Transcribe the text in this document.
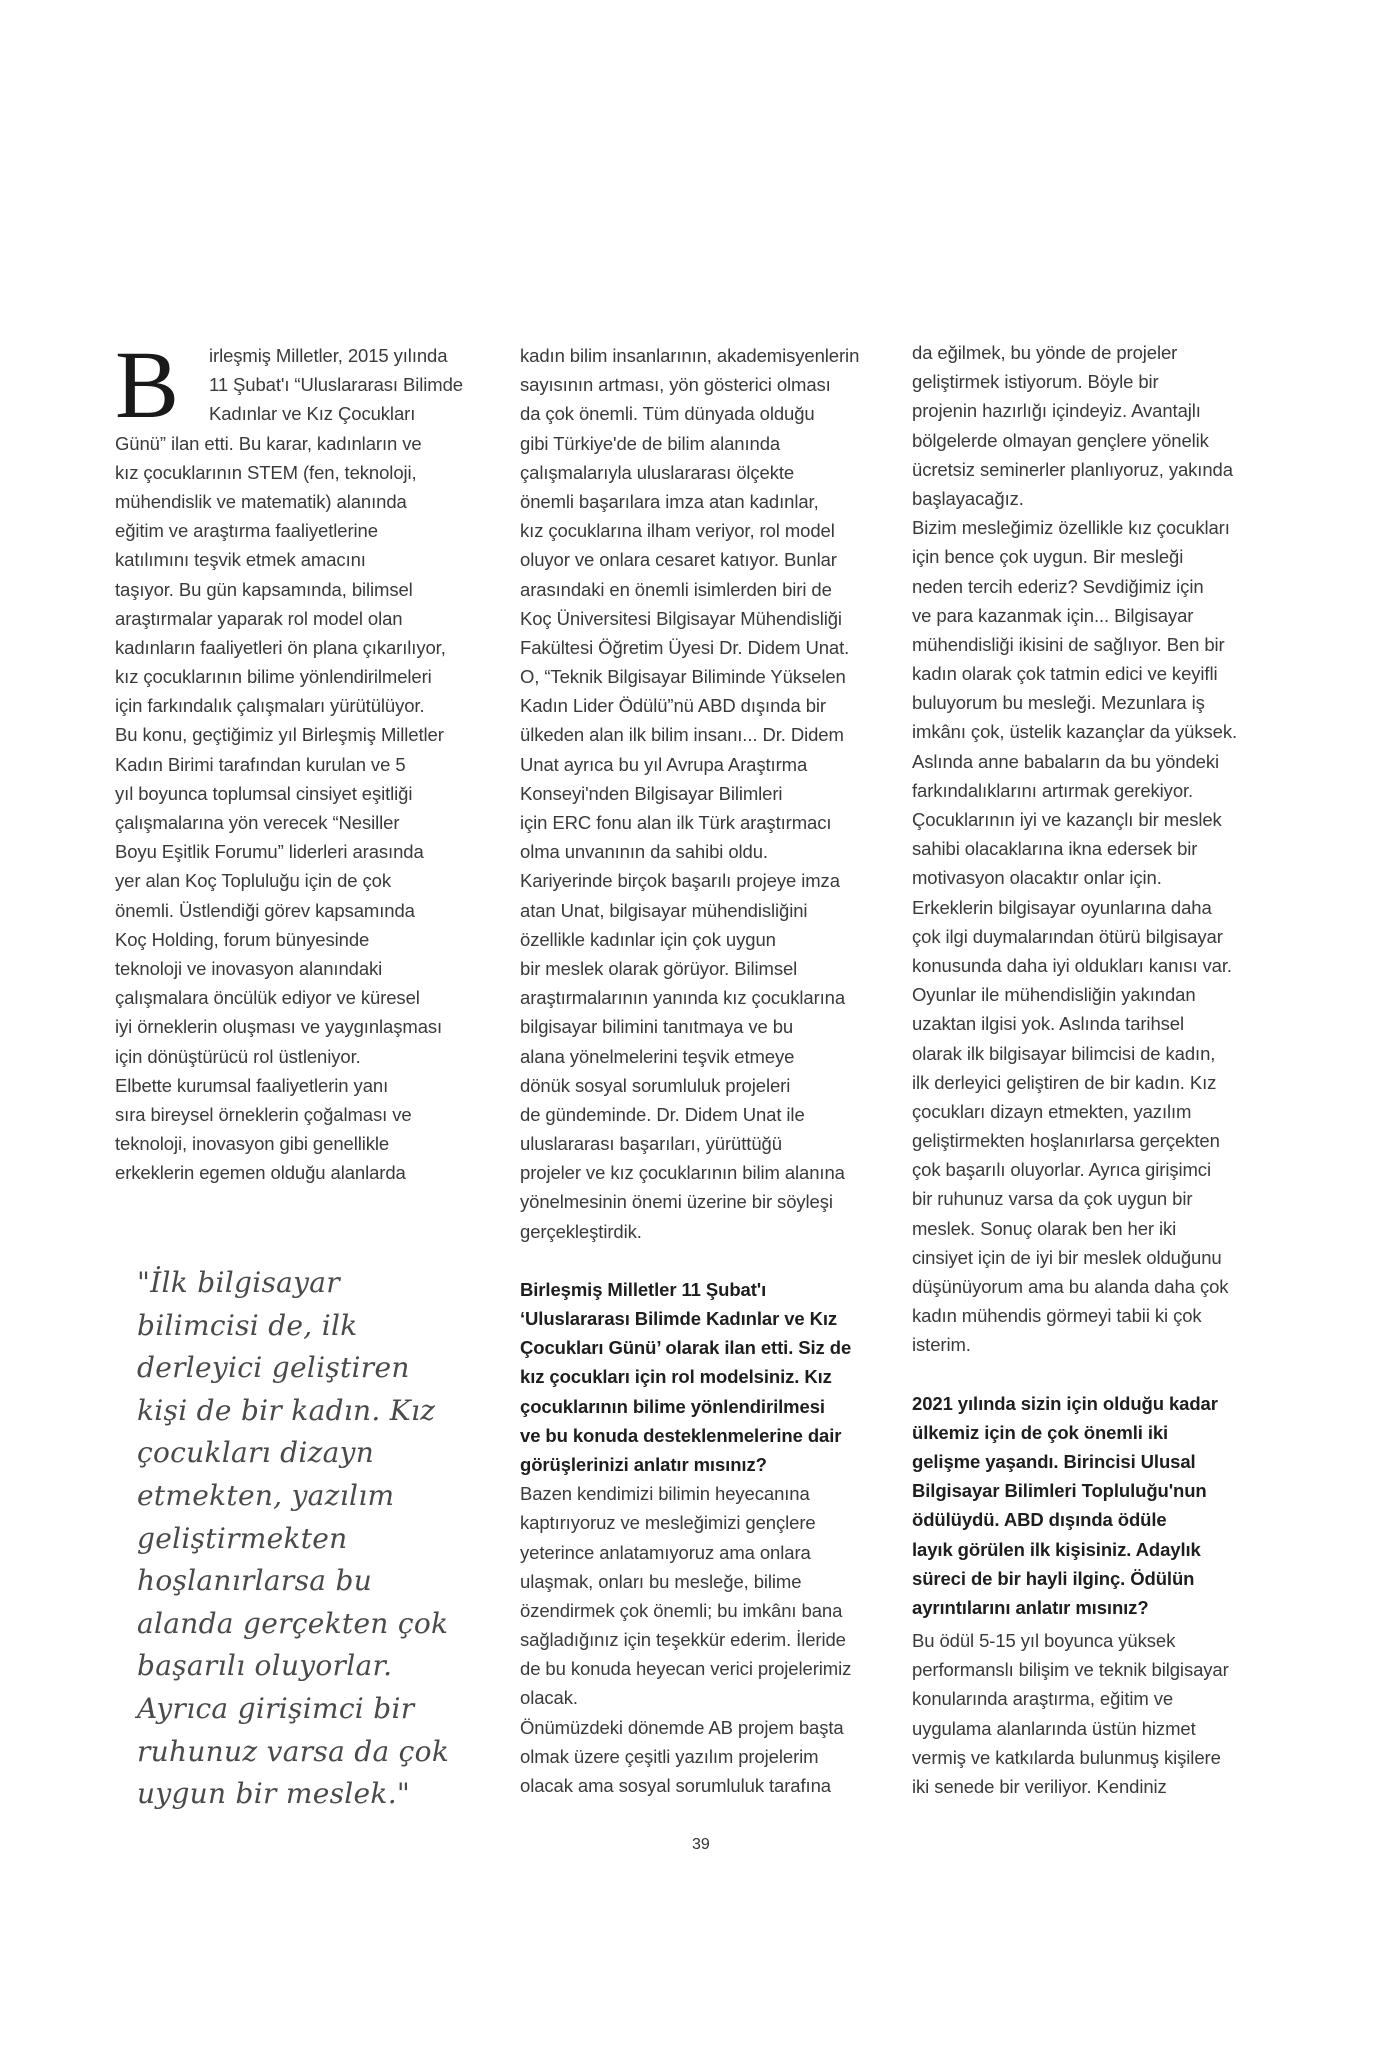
B irleşmiş Milletler, 2015 yılında
11 Şubat'ı “Uluslararası Bilimde
Kadınlar ve Kız Çocukları
Günü” ilan etti. Bu karar, kadınların ve
kız çocuklarının STEM (fen, teknoloji,
mühendislik ve matematik) alanında
eğitim ve araştırma faaliyetlerine
katılımını teşvik etmek amacını
taşıyor. Bu gün kapsamında, bilimsel
araştırmalar yaparak rol model olan
kadınların faaliyetleri ön plana çıkarılıyor,
kız çocuklarının bilime yönlendirilmeleri
için farkındalık çalışmaları yürütülüyor.
Bu konu, geçtiğimiz yıl Birleşmiş Milletler
Kadın Birimi tarafından kurulan ve 5
yıl boyunca toplumsal cinsiyet eşitliği
çalışmalarına yön verecek “Nesiller
Boyu Eşitlik Forumu” liderleri arasında
yer alan Koç Topluluğu için de çok
önemli. Üstlendiği görev kapsamında
Koç Holding, forum bünyesinde
teknoloji ve inovasyon alanındaki
çalışmalara öncülük ediyor ve küresel
iyi örneklerin oluşması ve yaygınlaşması
için dönüştürücü rol üstleniyor.
Elbette kurumsal faaliyetlerin yanı
sıra bireysel örneklerin çoğalması ve
teknoloji, inovasyon gibi genellikle
erkeklerin egemen olduğu alanlarda
"İlk bilgisayar
bilimcisi de, ilk
derleyici geliştiren
kişi de bir kadın. Kız
çocukları dizayn
etmekten, yazılım
geliştirmekten
hoşlanırlarsa bu
alanda gerçekten çok
başarılı oluyorlar.
Ayrıca girişimci bir
ruhunuz varsa da çok
uygun bir meslek."
kadın bilim insanlarının, akademisyenlerin
sayısının artması, yön gösterici olması
da çok önemli. Tüm dünyada olduğu
gibi Türkiye'de de bilim alanında
çalışmalarıyla uluslararası ölçekte
önemli başarılara imza atan kadınlar,
kız çocuklarına ilham veriyor, rol model
oluyor ve onlara cesaret katıyor. Bunlar
arasındaki en önemli isimlerden biri de
Koç Üniversitesi Bilgisayar Mühendisliği
Fakültesi Öğretim Üyesi Dr. Didem Unat.
O, “Teknik Bilgisayar Biliminde Yükselen
Kadın Lider Ödülü”nü ABD dışında bir
ülkeden alan ilk bilim insanı... Dr. Didem
Unat ayrıca bu yıl Avrupa Araştırma
Konseyi'nden Bilgisayar Bilimleri
için ERC fonu alan ilk Türk araştırmacı
olma unvanının da sahibi oldu.
Kariyerinde birçok başarılı projeye imza
atan Unat, bilgisayar mühendisliğini
özellikle kadınlar için çok uygun
bir meslek olarak görüyor. Bilimsel
araştırmalarının yanında kız çocuklarına
bilgisayar bilimini tanıtmaya ve bu
alana yönelmelerini teşvik etmeye
dönük sosyal sorumluluk projeleri
de gündeminde. Dr. Didem Unat ile
uluslararası başarıları, yürüttüğü
projeler ve kız çocuklarının bilim alanına
yönelmesinin önemi üzerine bir söyleşi
gerçekleştirdik.
Birleşmiş Milletler 11 Şubat'ı
‘Uluslararası Bilimde Kadınlar ve Kız
Çocukları Günü’ olarak ilan etti. Siz de
kız çocukları için rol modelsiniz. Kız
çocuklarının bilime yönlendirilmesi
ve bu konuda desteklenmelerine dair
görüşlerinizi anlatır mısınız?
Bazen kendimizi bilimin heyecanına
kaptırıyoruz ve mesleğimizi gençlere
yeterince anlatamıyoruz ama onlara
ulaşmak, onları bu mesleğe, bilime
özendirmek çok önemli; bu imkânı bana
sağladığınız için teşekkür ederim. İleride
de bu konuda heyecan verici projelerimiz
olacak.
Önümüzdeki dönemde AB projem başta
olmak üzere çeşitli yazılım projelerim
olacak ama sosyal sorumluluk tarafına
da eğilmek, bu yönde de projeler
geliştirmek istiyorum. Böyle bir
projenin hazırlığı içindeyiz. Avantajlı
bölgelerde olmayan gençlere yönelik
ücretsiz seminerler planlıyoruz, yakında
başlayacağız.
Bizim mesleğimiz özellikle kız çocukları
için bence çok uygun. Bir mesleği
neden tercih ederiz? Sevdiğimiz için
ve para kazanmak için... Bilgisayar
mühendisliği ikisini de sağlıyor. Ben bir
kadın olarak çok tatmin edici ve keyifli
buluyorum bu mesleği. Mezunlara iş
imkânı çok, üstelik kazançlar da yüksek.
Aslında anne babaların da bu yöndeki
farkındalıklarını artırmak gerekiyor.
Çocuklarının iyi ve kazançlı bir meslek
sahibi olacaklarına ikna edersek bir
motivasyon olacaktır onlar için.
Erkeklerin bilgisayar oyunlarına daha
çok ilgi duymalarından ötürü bilgisayar
konusunda daha iyi oldukları kanısı var.
Oyunlar ile mühendisliğin yakından
uzaktan ilgisi yok. Aslında tarihsel
olarak ilk bilgisayar bilimcisi de kadın,
ilk derleyici geliştiren de bir kadın. Kız
çocukları dizayn etmekten, yazılım
geliştirmekten hoşlanırlarsa gerçekten
çok başarılı oluyorlar. Ayrıca girişimci
bir ruhunuz varsa da çok uygun bir
meslek. Sonuç olarak ben her iki
cinsiyet için de iyi bir meslek olduğunu
düşünüyorum ama bu alanda daha çok
kadın mühendis görmeyi tabii ki çok
isterim.
2021 yılında sizin için olduğu kadar
ülkemiz için de çok önemli iki
gelişme yaşandı. Birincisi Ulusal
Bilgisayar Bilimleri Topluluğu'nun
ödülüydü. ABD dışında ödüle
layık görülen ilk kişisiniz. Adaylık
süreci de bir hayli ilginç. Ödülün
ayrıntılarını anlatır mısınız?
Bu ödül 5-15 yıl boyunca yüksek
performanslı bilişim ve teknik bilgisayar
konularında araştırma, eğitim ve
uygulama alanlarında üstün hizmet
vermiş ve katkılarda bulunmuş kişilere
iki senede bir veriliyor. Kendiniz
39
